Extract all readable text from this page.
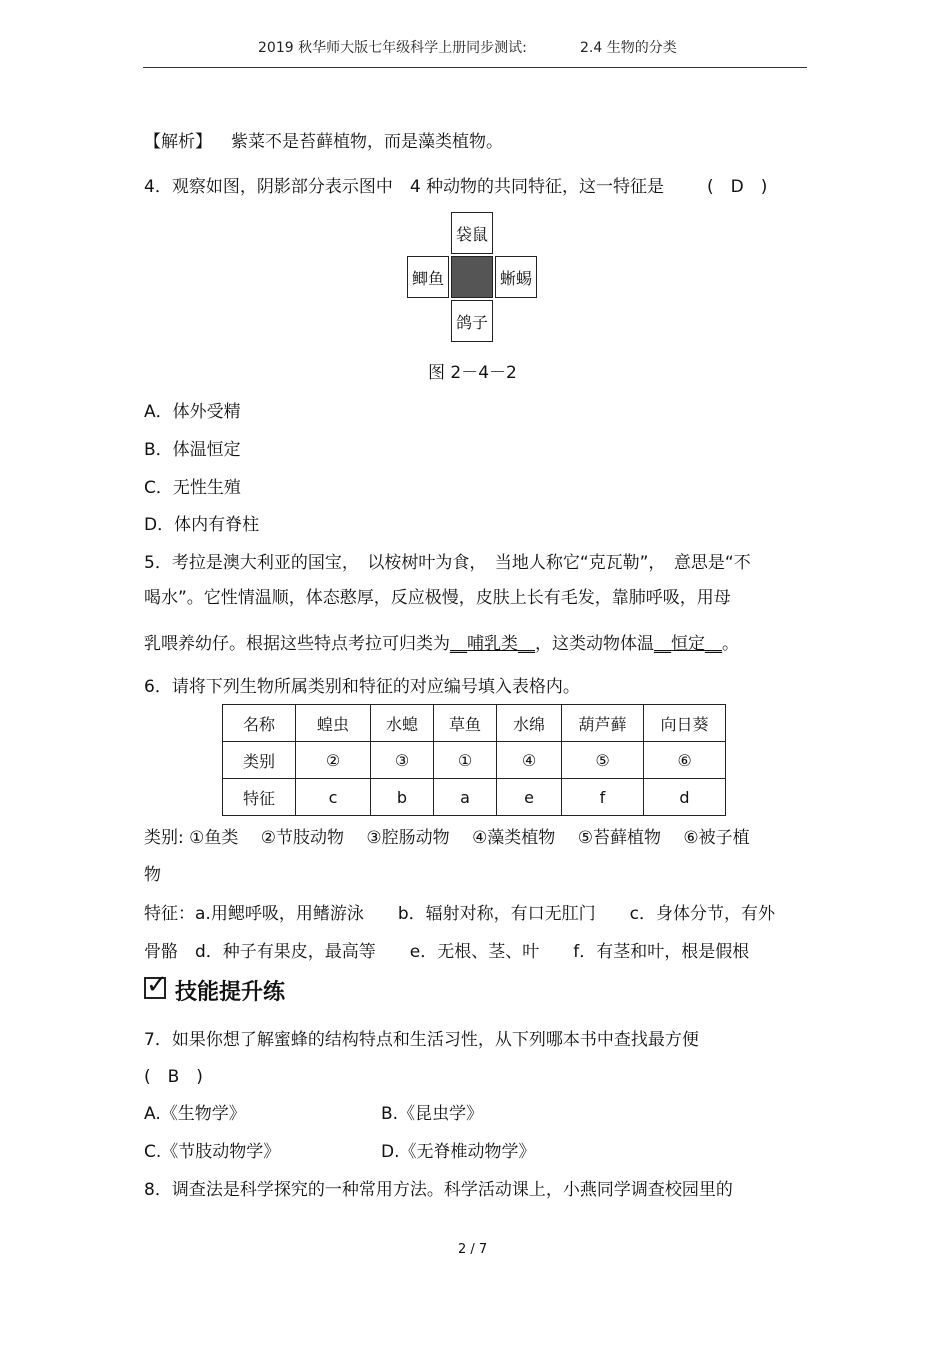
2019 秋华师大版七年级科学上册同步测试:	2.4 生物的分类
【解析】 紫菜不是苔藓植物，而是藻类植物。
4．观察如图，阴影部分表示图中　4 种动物的共同特征，这一特征是	(　D　)
袋鼠
鲫鱼	蜥蜴
鸽子
图 2－4－2
A．体外受精
B．体温恒定
C．无性生殖
D．体内有脊柱
5．考拉是澳大利亚的国宝，　以桉树叶为食，　当地人称它“克瓦勒”，　意思是“不
喝水”。它性情温顺，体态憨厚，反应极慢，皮肤上长有毛发，靠肺呼吸，用母
乳喂养幼仔。根据这些特点考拉可归类为__哺乳类__，这类动物体温__恒定__。
6．请将下列生物所属类别和特征的对应编号填入表格内。
名称	蝗虫	水螅	草鱼	水绵	葫芦藓	向日葵
类别	②	③	①	④	⑤	⑥
特征	c	b	a	e	f	d
类别: ①鱼类　 ②节肢动物　 ③腔肠动物　 ④藻类植物　 ⑤苔藓植物　 ⑥被子植
物
特征：a.用鳃呼吸，用鳍游泳　　b．辐射对称，有口无肛门　　c．身体分节，有外
骨骼　d．种子有果皮，最高等　　e．无根、茎、叶　　f．有茎和叶，根是假根
✓ 技能提升练
7．如果你想了解蜜蜂的结构特点和生活习性，从下列哪本书中查找最方便
(　B　)
A.《生物学》	B.《昆虫学》
C.《节肢动物学》	D.《无脊椎动物学》
8．调查法是科学探究的一种常用方法。科学活动课上，小燕同学调查校园里的
2 / 7
